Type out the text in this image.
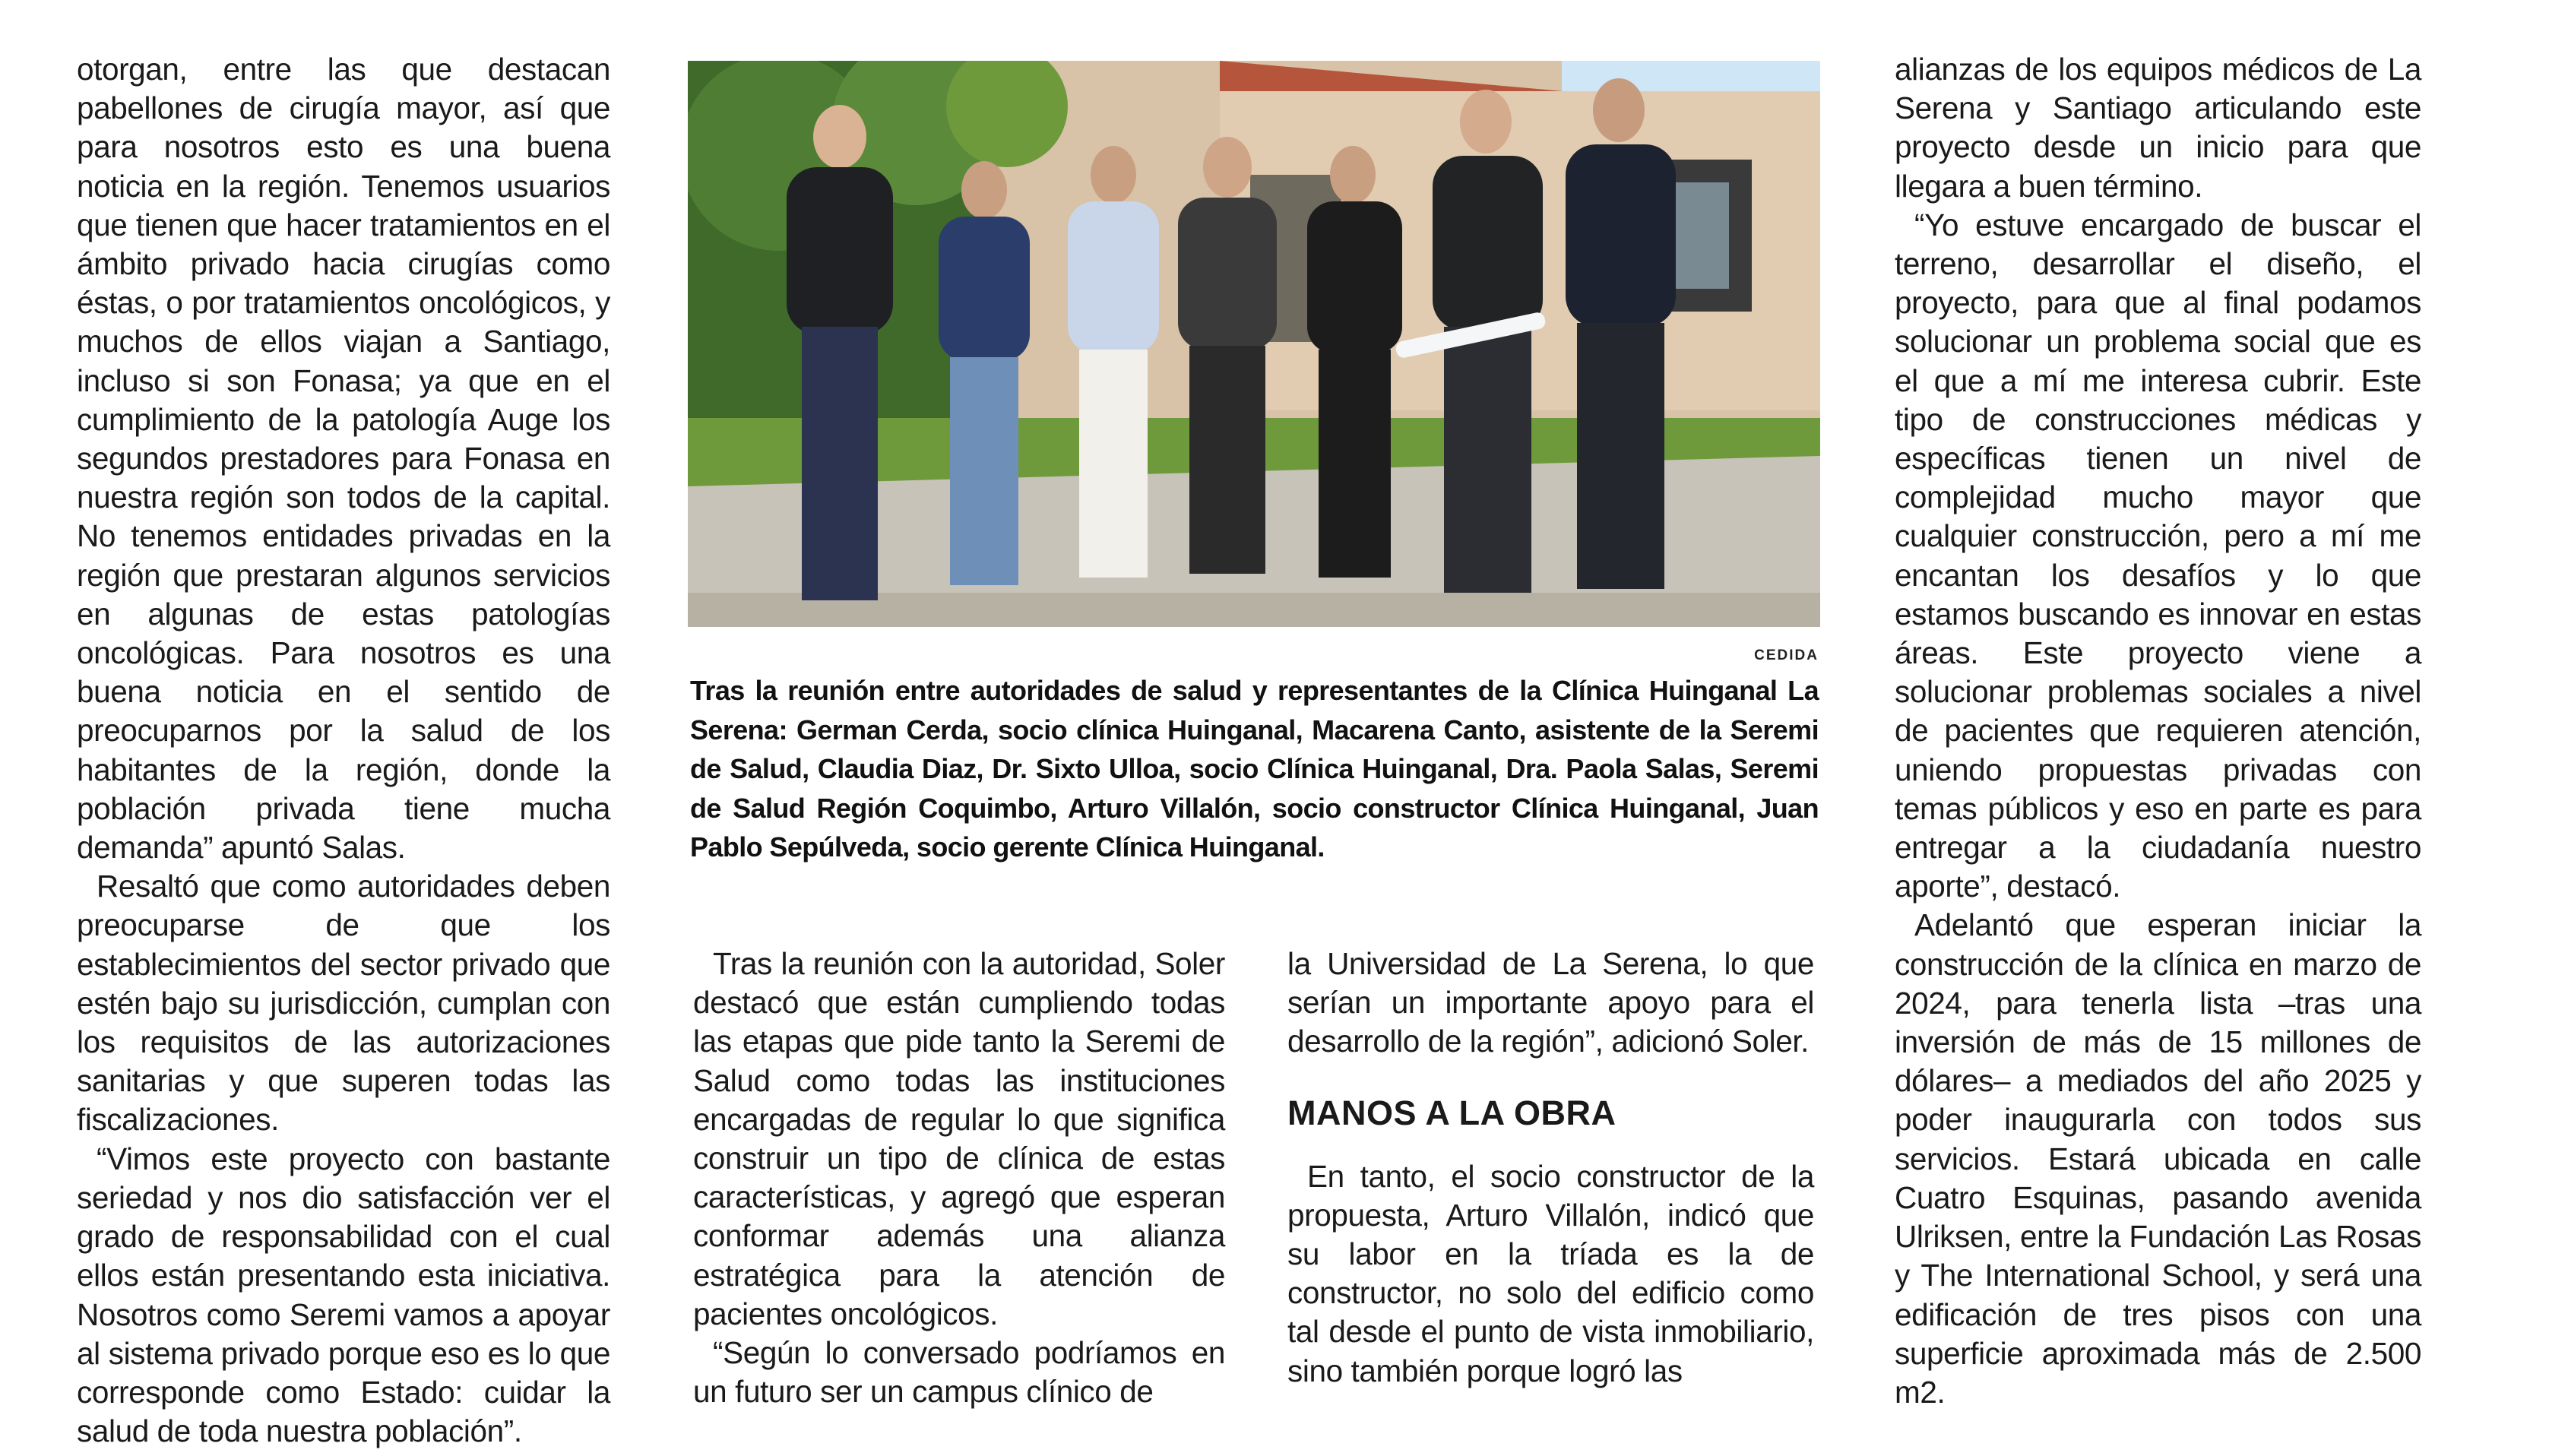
otorgan, entre las que destacan pabellones de cirugía mayor, así que para nosotros esto es una buena noticia en la región. Tenemos usuarios que tienen que hacer tratamientos en el ámbito privado hacia cirugías como éstas, o por tratamientos oncológicos, y muchos de ellos viajan a Santiago, incluso si son Fonasa; ya que en el cumplimiento de la patología Auge los segundos prestadores para Fonasa en nuestra región son todos de la capital. No tenemos entidades privadas en la región que prestaran algunos servicios en algunas de estas patologías oncológicas. Para nosotros es una buena noticia en el sentido de preocuparnos por la salud de los habitantes de la región, donde la población privada tiene mucha demanda” apuntó Salas.

Resaltó que como autoridades deben preocuparse de que los establecimientos del sector privado que estén bajo su jurisdicción, cumplan con los requisitos de las autorizaciones sanitarias y que superen todas las fiscalizaciones.

“Vimos este proyecto con bastante seriedad y nos dio satisfacción ver el grado de responsabilidad con el cual ellos están presentando esta iniciativa. Nosotros como Seremi vamos a apoyar al sistema privado porque eso es lo que corresponde como Estado: cuidar la salud de toda nuestra población”.

CEDIDA
Tras la reunión entre autoridades de salud y representantes de la Clínica Huinganal La Serena: German Cerda, socio clínica Huinganal, Macarena Canto, asistente de la Seremi de Salud, Claudia Diaz, Dr. Sixto Ulloa, socio Clínica Huinganal, Dra. Paola Salas, Seremi de Salud Región Coquimbo, Arturo Villalón, socio constructor Clínica Huinganal, Juan Pablo Sepúlveda, socio gerente Clínica Huinganal.

Tras la reunión con la autoridad, Soler destacó que están cumpliendo todas las etapas que pide tanto la Seremi de Salud como todas las instituciones encargadas de regular lo que significa construir un tipo de clínica de estas características, y agregó que esperan conformar además una alianza estratégica para la atención de pacientes oncológicos.

“Según lo conversado podríamos en un futuro ser un campus clínico de

la Universidad de La Serena, lo que serían un importante apoyo para el desarrollo de la región”, adicionó Soler.

MANOS A LA OBRA

En tanto, el socio constructor de la propuesta, Arturo Villalón, indicó que su labor en la tríada es la de constructor, no solo del edificio como tal desde el punto de vista inmobiliario, sino también porque logró las

alianzas de los equipos médicos de La Serena y Santiago articulando este proyecto desde un inicio para que llegara a buen término.

“Yo estuve encargado de buscar el terreno, desarrollar el diseño, el proyecto, para que al final podamos solucionar un problema social que es el que a mí me interesa cubrir. Este tipo de construcciones médicas y específicas tienen un nivel de complejidad mucho mayor que cualquier construcción, pero a mí me encantan los desafíos y lo que estamos buscando es innovar en estas áreas. Este proyecto viene a solucionar problemas sociales a nivel de pacientes que requieren atención, uniendo propuestas privadas con temas públicos y eso en parte es para entregar a la ciudadanía nuestro aporte”, destacó.

Adelantó que esperan iniciar la construcción de la clínica en marzo de 2024, para tenerla lista –tras una inversión de más de 15 millones de dólares– a mediados del año 2025 y poder inaugurarla con todos sus servicios. Estará ubicada en calle Cuatro Esquinas, pasando avenida Ulriksen, entre la Fundación Las Rosas y The International School, y será una edificación de tres pisos con una superficie aproximada más de 2.500 m2.
